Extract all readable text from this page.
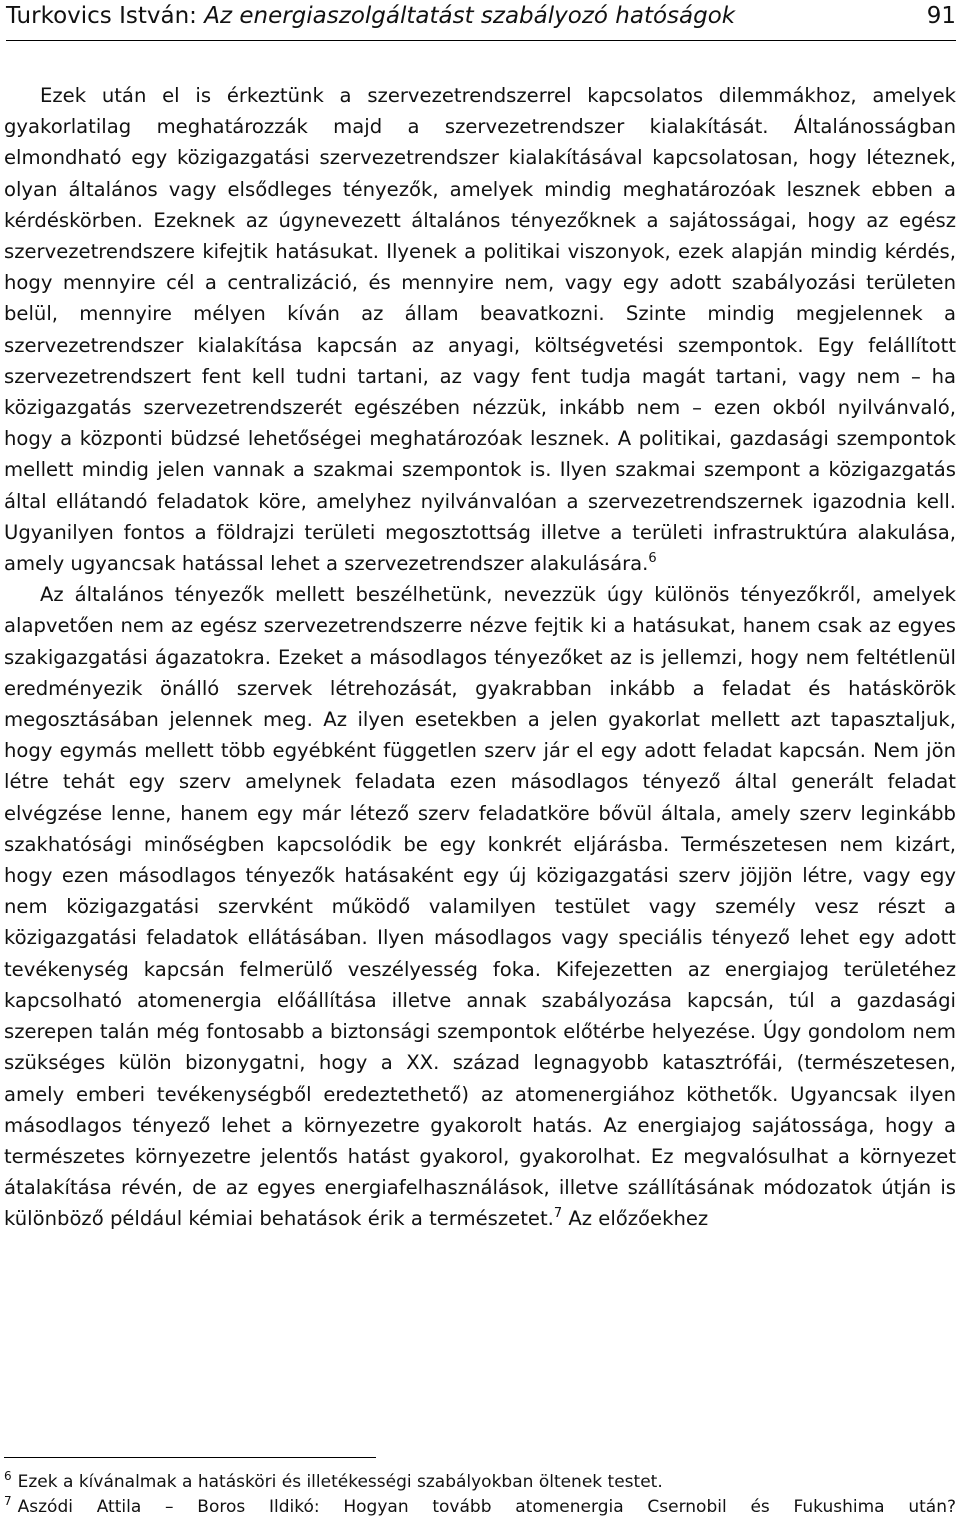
Turkovics István: Az energiaszolgáltatást szabályozó hatóságok	91

Ezek után el is érkeztünk a szervezetrendszerrel kapcsolatos dilemmákhoz, amelyek gyakorlatilag meghatározzák majd a szervezetrendszer kialakítását. Általánosságban elmondható egy közigazgatási szervezetrendszer kialakításával kapcsolatosan, hogy léteznek, olyan általános vagy elsődleges tényezők, amelyek mindig meghatározóak lesznek ebben a kérdéskörben. Ezeknek az úgynevezett általános tényezőknek a sajátosságai, hogy az egész szervezetrendszere kifejtik hatásukat. Ilyenek a politikai viszonyok, ezek alapján mindig kérdés, hogy mennyire cél a centralizáció, és mennyire nem, vagy egy adott szabályozási területen belül, mennyire mélyen kíván az állam beavatkozni. Szinte mindig megjelennek a szervezetrendszer kialakítása kapcsán az anyagi, költségvetési szempontok. Egy felállított szervezetrendszert fent kell tudni tartani, az vagy fent tudja magát tartani, vagy nem – ha közigazgatás szervezetrendszerét egészében nézzük, inkább nem – ezen okból nyilvánvaló, hogy a központi büdzsé lehetőségei meghatározóak lesznek. A politikai, gazdasági szempontok mellett mindig jelen vannak a szakmai szempontok is. Ilyen szakmai szempont a közigazgatás által ellátandó feladatok köre, amelyhez nyilvánvalóan a szervezetrendszernek igazodnia kell. Ugyanilyen fontos a földrajzi területi megosztottság illetve a területi infrastruktúra alakulása, amely ugyancsak hatással lehet a szervezetrendszer alakulására.$^6$

Az általános tényezők mellett beszélhetünk, nevezzük úgy különös tényezőkről, amelyek alapvetően nem az egész szervezetrendszerre nézve fejtik ki a hatásukat, hanem csak az egyes szakigazgatási ágazatokra. Ezeket a másodlagos tényezőket az is jellemzi, hogy nem feltétlenül eredményezik önálló szervek létrehozását, gyakrabban inkább a feladat és hatáskörök megosztásában jelennek meg. Az ilyen esetekben a jelen gyakorlat mellett azt tapasztaljuk, hogy egymás mellett több egyébként független szerv jár el egy adott feladat kapcsán. Nem jön létre tehát egy szerv amelynek feladata ezen másodlagos tényező által generált feladat elvégzése lenne, hanem egy már létező szerv feladatköre bővül általa, amely szerv leginkább szakhatósági minőségben kapcsolódik be egy konkrét eljárásba. Természetesen nem kizárt, hogy ezen másodlagos tényezők hatásaként egy új közigazgatási szerv jöjjön létre, vagy egy nem közigazgatási szervként működő valamilyen testület vagy személy vesz részt a közigazgatási feladatok ellátásában. Ilyen másodlagos vagy speciális tényező lehet egy adott tevékenység kapcsán felmerülő veszélyesség foka. Kifejezetten az energiajog területéhez kapcsolható atomenergia előállítása illetve annak szabályozása kapcsán, túl a gazdasági szerepen talán még fontosabb a biztonsági szempontok előtérbe helyezése. Úgy gondolom nem szükséges külön bizonygatni, hogy a XX. század legnagyobb katasztrófái, (természetesen, amely emberi tevékenységből eredeztethető) az atomenergiához köthetők. Ugyancsak ilyen másodlagos tényező lehet a környezetre gyakorolt hatás. Az energiajog sajátossága, hogy a természetes környezetre jelentős hatást gyakorol, gyakorolhat. Ez megvalósulhat a környezet átalakítása révén, de az egyes energiafelhasználások, illetve szállításának módozatok útján is különböző például kémiai behatások érik a természetet.$^7$ Az előzőekhez

$^6$ Ezek a kívánalmak a hatásköri és illetékességi szabályokban öltenek testet.
$^7$ Aszódi Attila – Boros Ildikó: Hogyan tovább atomenergia Csernobil és Fukushima után?
